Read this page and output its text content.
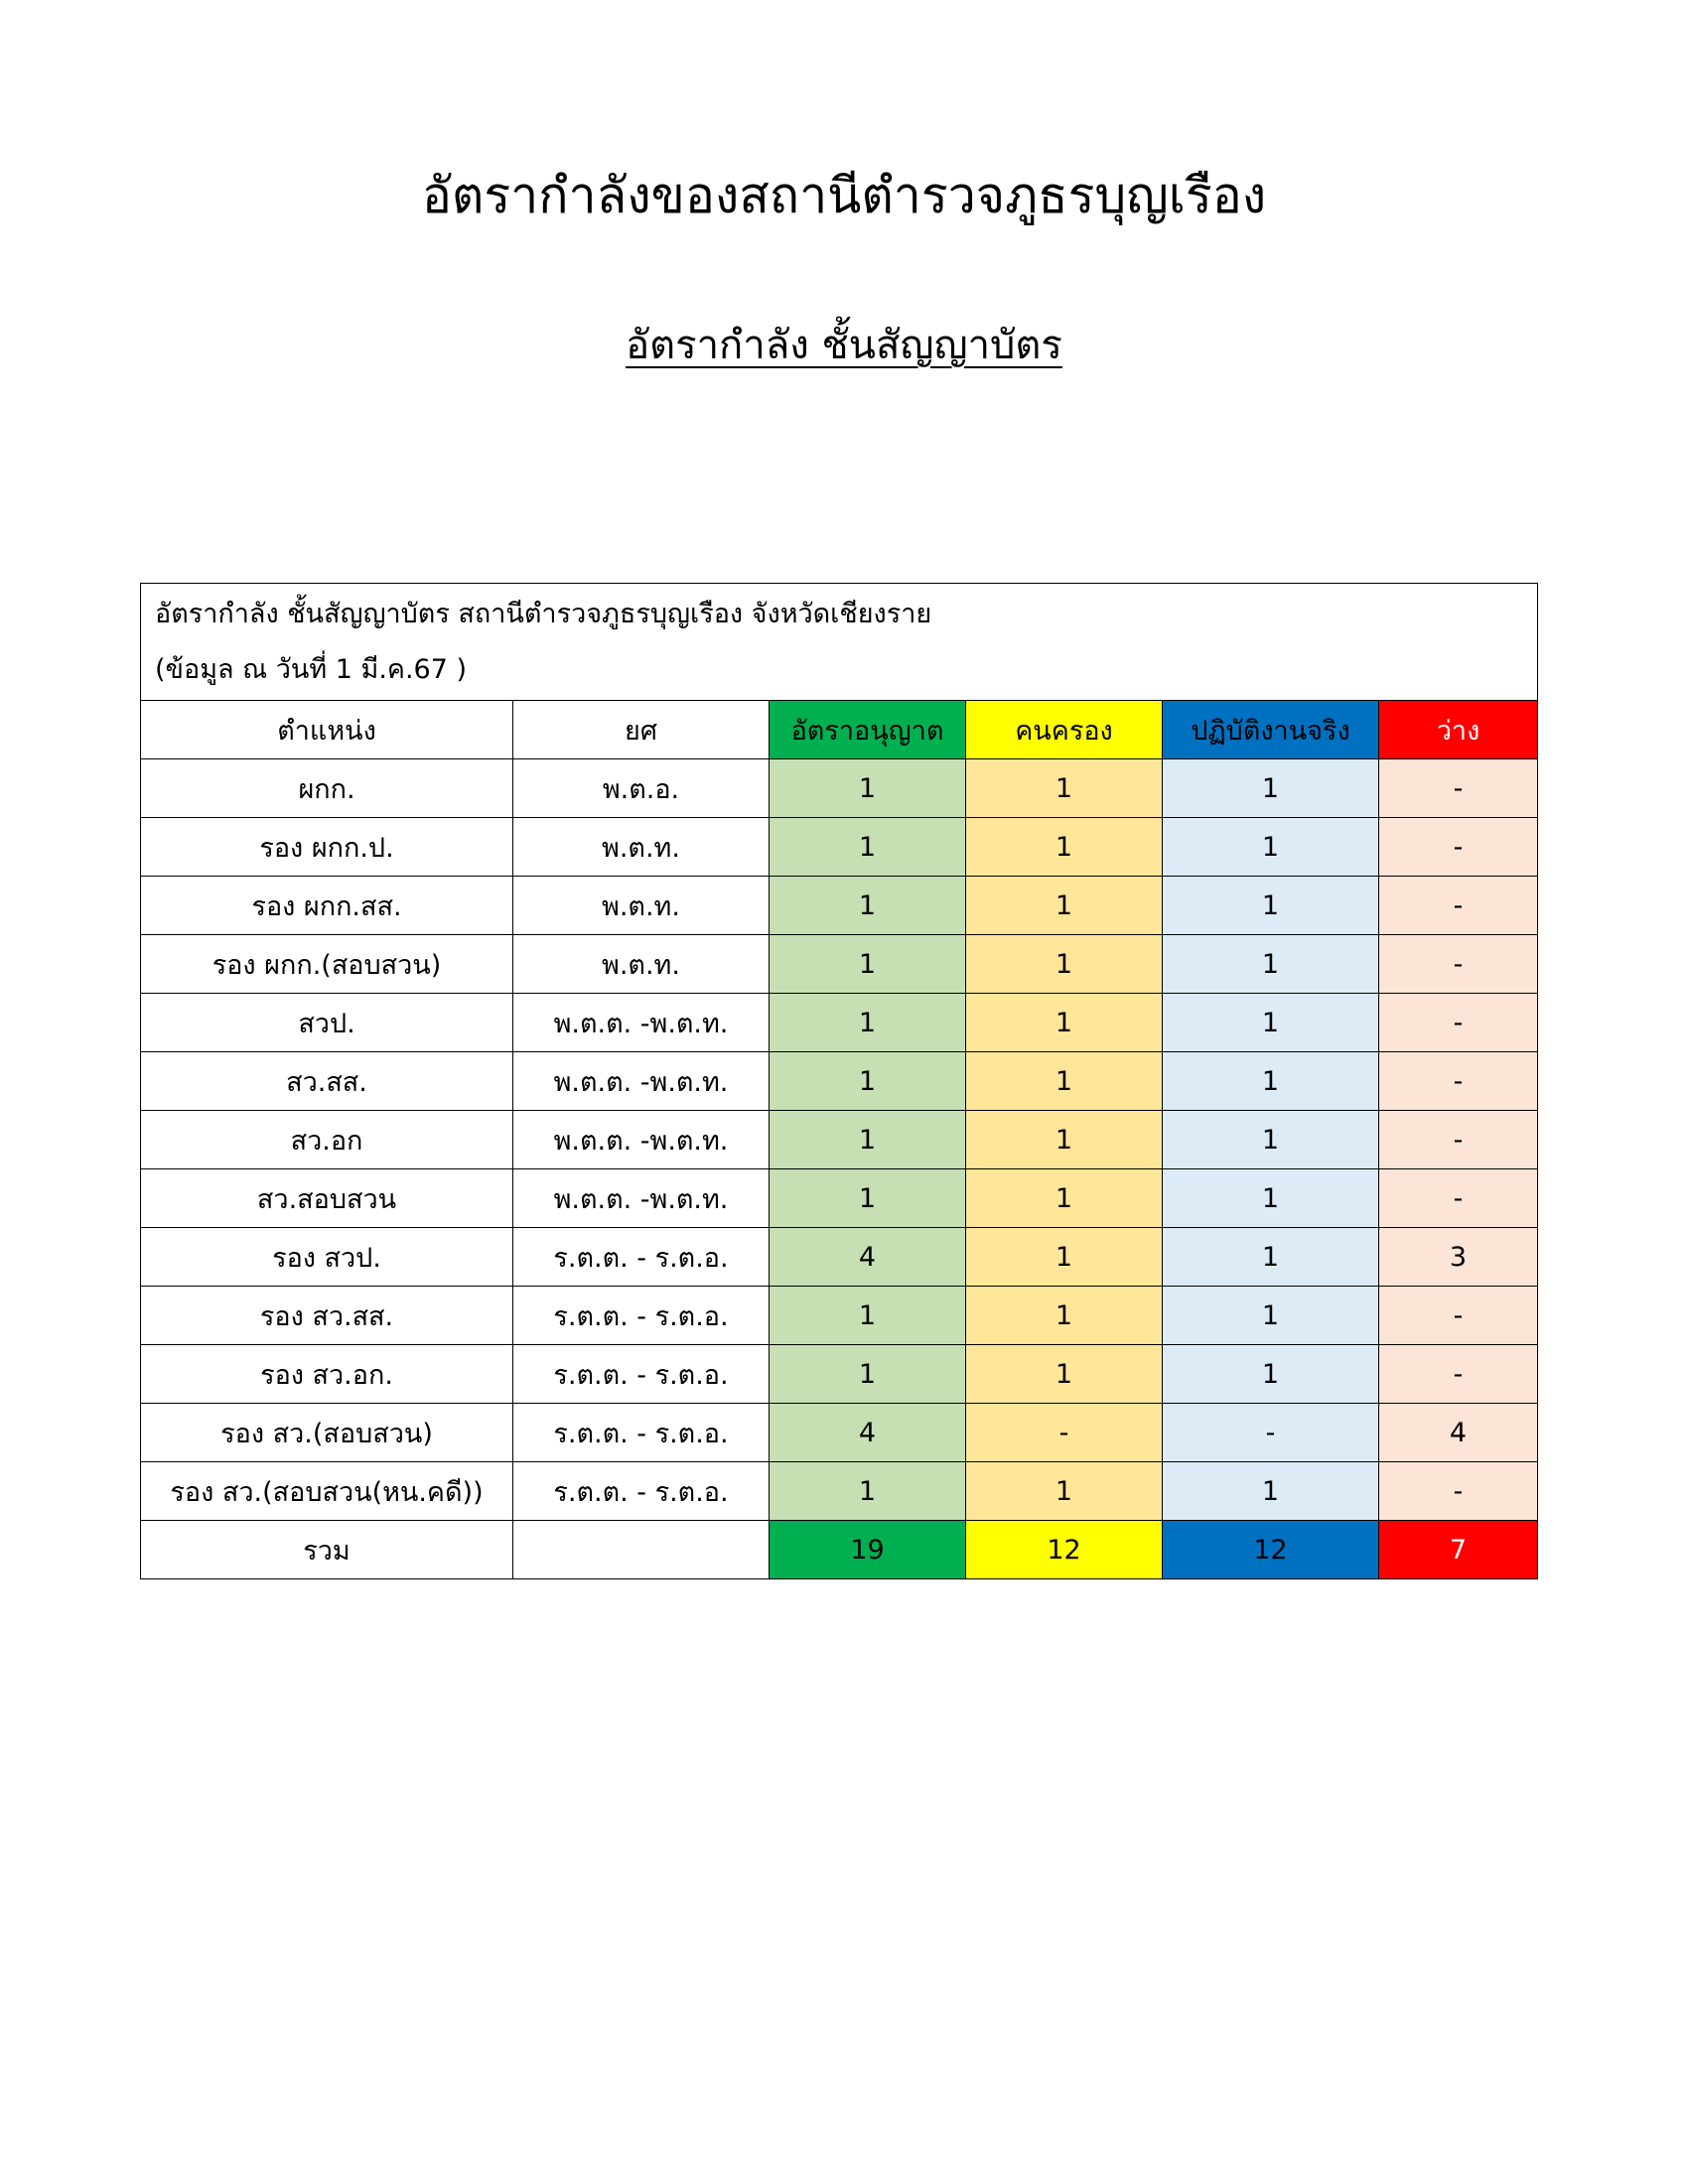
อัตรากำลังของสถานีตำรวจภูธรบุญเรือง
อัตรากำลัง ชั้นสัญญาบัตร
อัตรากำลัง ชั้นสัญญาบัตร สถานีตำรวจภูธรบุญเรือง จังหวัดเชียงราย
(ข้อมูล ณ วันที่ 1 มี.ค.67 )					

ตำแหน่ง	ยศ	อัตราอนุญาต	คนครอง	ปฏิบัติงานจริง	ว่าง
ผกก.	พ.ต.อ.	1	1	1	-
รอง ผกก.ป.	พ.ต.ท.	1	1	1	-
รอง ผกก.สส.	พ.ต.ท.	1	1	1	-
รอง ผกก.(สอบสวน)	พ.ต.ท.	1	1	1	-
สวป.	พ.ต.ต. -พ.ต.ท.	1	1	1	-
สว.สส.	พ.ต.ต. -พ.ต.ท.	1	1	1	-
สว.อก	พ.ต.ต. -พ.ต.ท.	1	1	1	-
สว.สอบสวน	พ.ต.ต. -พ.ต.ท.	1	1	1	-
รอง สวป.	ร.ต.ต. - ร.ต.อ.	4	1	1	3
รอง สว.สส.	ร.ต.ต. - ร.ต.อ.	1	1	1	-
รอง สว.อก.	ร.ต.ต. - ร.ต.อ.	1	1	1	-
รอง สว.(สอบสวน)	ร.ต.ต. - ร.ต.อ.	4	-	-	4
รอง สว.(สอบสวน(หน.คดี))	ร.ต.ต. - ร.ต.อ.	1	1	1	-
รวม		19	12	12	7
